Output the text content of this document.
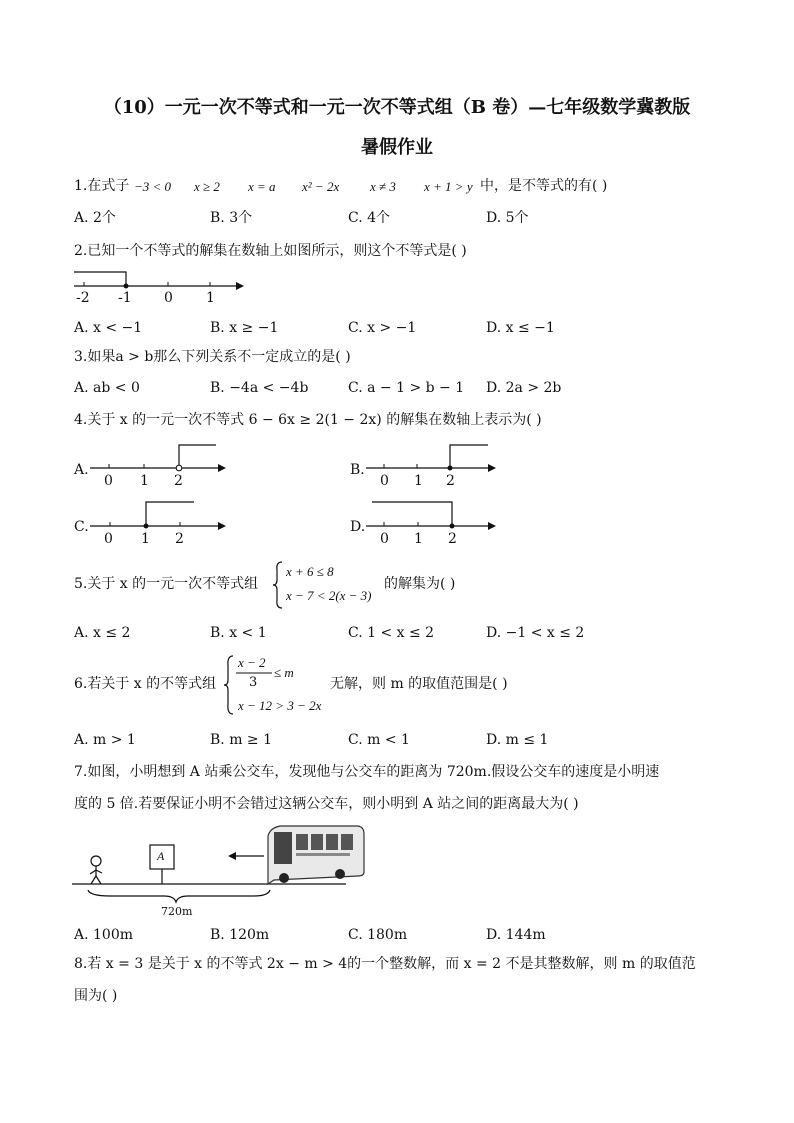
（10）一元一次不等式和一元一次不等式组（B 卷）—七年级数学冀教版
暑假作业
1.在式子 −3 < 0 x ≥ 2 x = a x² − 2x x ≠ 3 x + 1 > y 中，是不等式的有( )
A. 2个	B. 3个	C. 4个	D. 5个
2.已知一个不等式的解集在数轴上如图所示，则这个不等式是( )
-2 -1 0 1
A. x < −1	B. x ≥ −1	C. x > −1	D. x ≤ −1
3.如果a > b那么下列关系不一定成立的是( )
A. ab < 0	B. −4a < −4b	C. a − 1 > b − 1 D. 2a > 2b
4.关于 x 的一元一次不等式 6 − 6x ≥ 2(1 − 2x) 的解集在数轴上表示为( )
A.
0 1 2
B.
0 1 2
C.
0 1 2
D.
0 1 2
5.关于 x 的一元一次不等式组
x + 6 ≤ 8
x − 7 < 2(x − 3)
的解集为( )
A. x ≤ 2	B. x < 1	C. 1 < x ≤ 2	D. −1 < x ≤ 2
6.若关于 x 的不等式组
x − 2
3
≤ m
x − 12 > 3 − 2x
无解，则 m 的取值范围是( )
A. m > 1	B. m ≥ 1	C. m < 1	D. m ≤ 1
7.如图，小明想到 A 站乘公交车，发现他与公交车的距离为 720m.假设公交车的速度是小明速
度的 5 倍.若要保证小明不会错过这辆公交车，则小明到 A 站之间的距离最大为( )
A
720m
A. 100m	B. 120m	C. 180m	D. 144m
8.若 x = 3 是关于 x 的不等式 2x − m > 4的一个整数解，而 x = 2 不是其整数解，则 m 的取值范
围为( )
